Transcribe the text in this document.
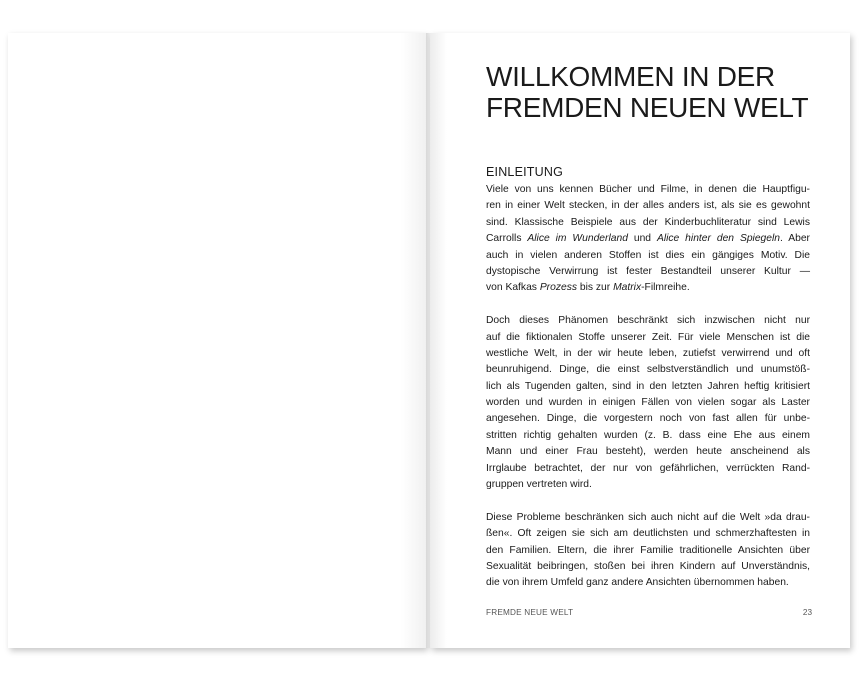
WILLKOMMEN IN DER
FREMDEN NEUEN WELT
EINLEITUNG
Viele von uns kennen Bücher und Filme, in denen die Hauptfigu-
ren in einer Welt stecken, in der alles anders ist, als sie es gewohnt
sind. Klassische Beispiele aus der Kinderbuchliteratur sind Lewis
Carrolls Alice im Wunderland und Alice hinter den Spiegeln. Aber
auch in vielen anderen Stoffen ist dies ein gängiges Motiv. Die
dystopische Verwirrung ist fester Bestandteil unserer Kultur —
von Kafkas Prozess bis zur Matrix-Filmreihe.
Doch dieses Phänomen beschränkt sich inzwischen nicht nur
auf die fiktionalen Stoffe unserer Zeit. Für viele Menschen ist die
westliche Welt, in der wir heute leben, zutiefst verwirrend und oft
beunruhigend. Dinge, die einst selbstverständlich und unumstöß-
lich als Tugenden galten, sind in den letzten Jahren heftig kritisiert
worden und wurden in einigen Fällen von vielen sogar als Laster
angesehen. Dinge, die vorgestern noch von fast allen für unbe-
stritten richtig gehalten wurden (z. B. dass eine Ehe aus einem
Mann und einer Frau besteht), werden heute anscheinend als
Irrglaube betrachtet, der nur von gefährlichen, verrückten Rand-
gruppen vertreten wird.
Diese Probleme beschränken sich auch nicht auf die Welt »da drau-
ßen«. Oft zeigen sie sich am deutlichsten und schmerzhaftesten in
den Familien. Eltern, die ihrer Familie traditionelle Ansichten über
Sexualität beibringen, stoßen bei ihren Kindern auf Unverständnis,
die von ihrem Umfeld ganz andere Ansichten übernommen haben.
FREMDE NEUE WELT	23
